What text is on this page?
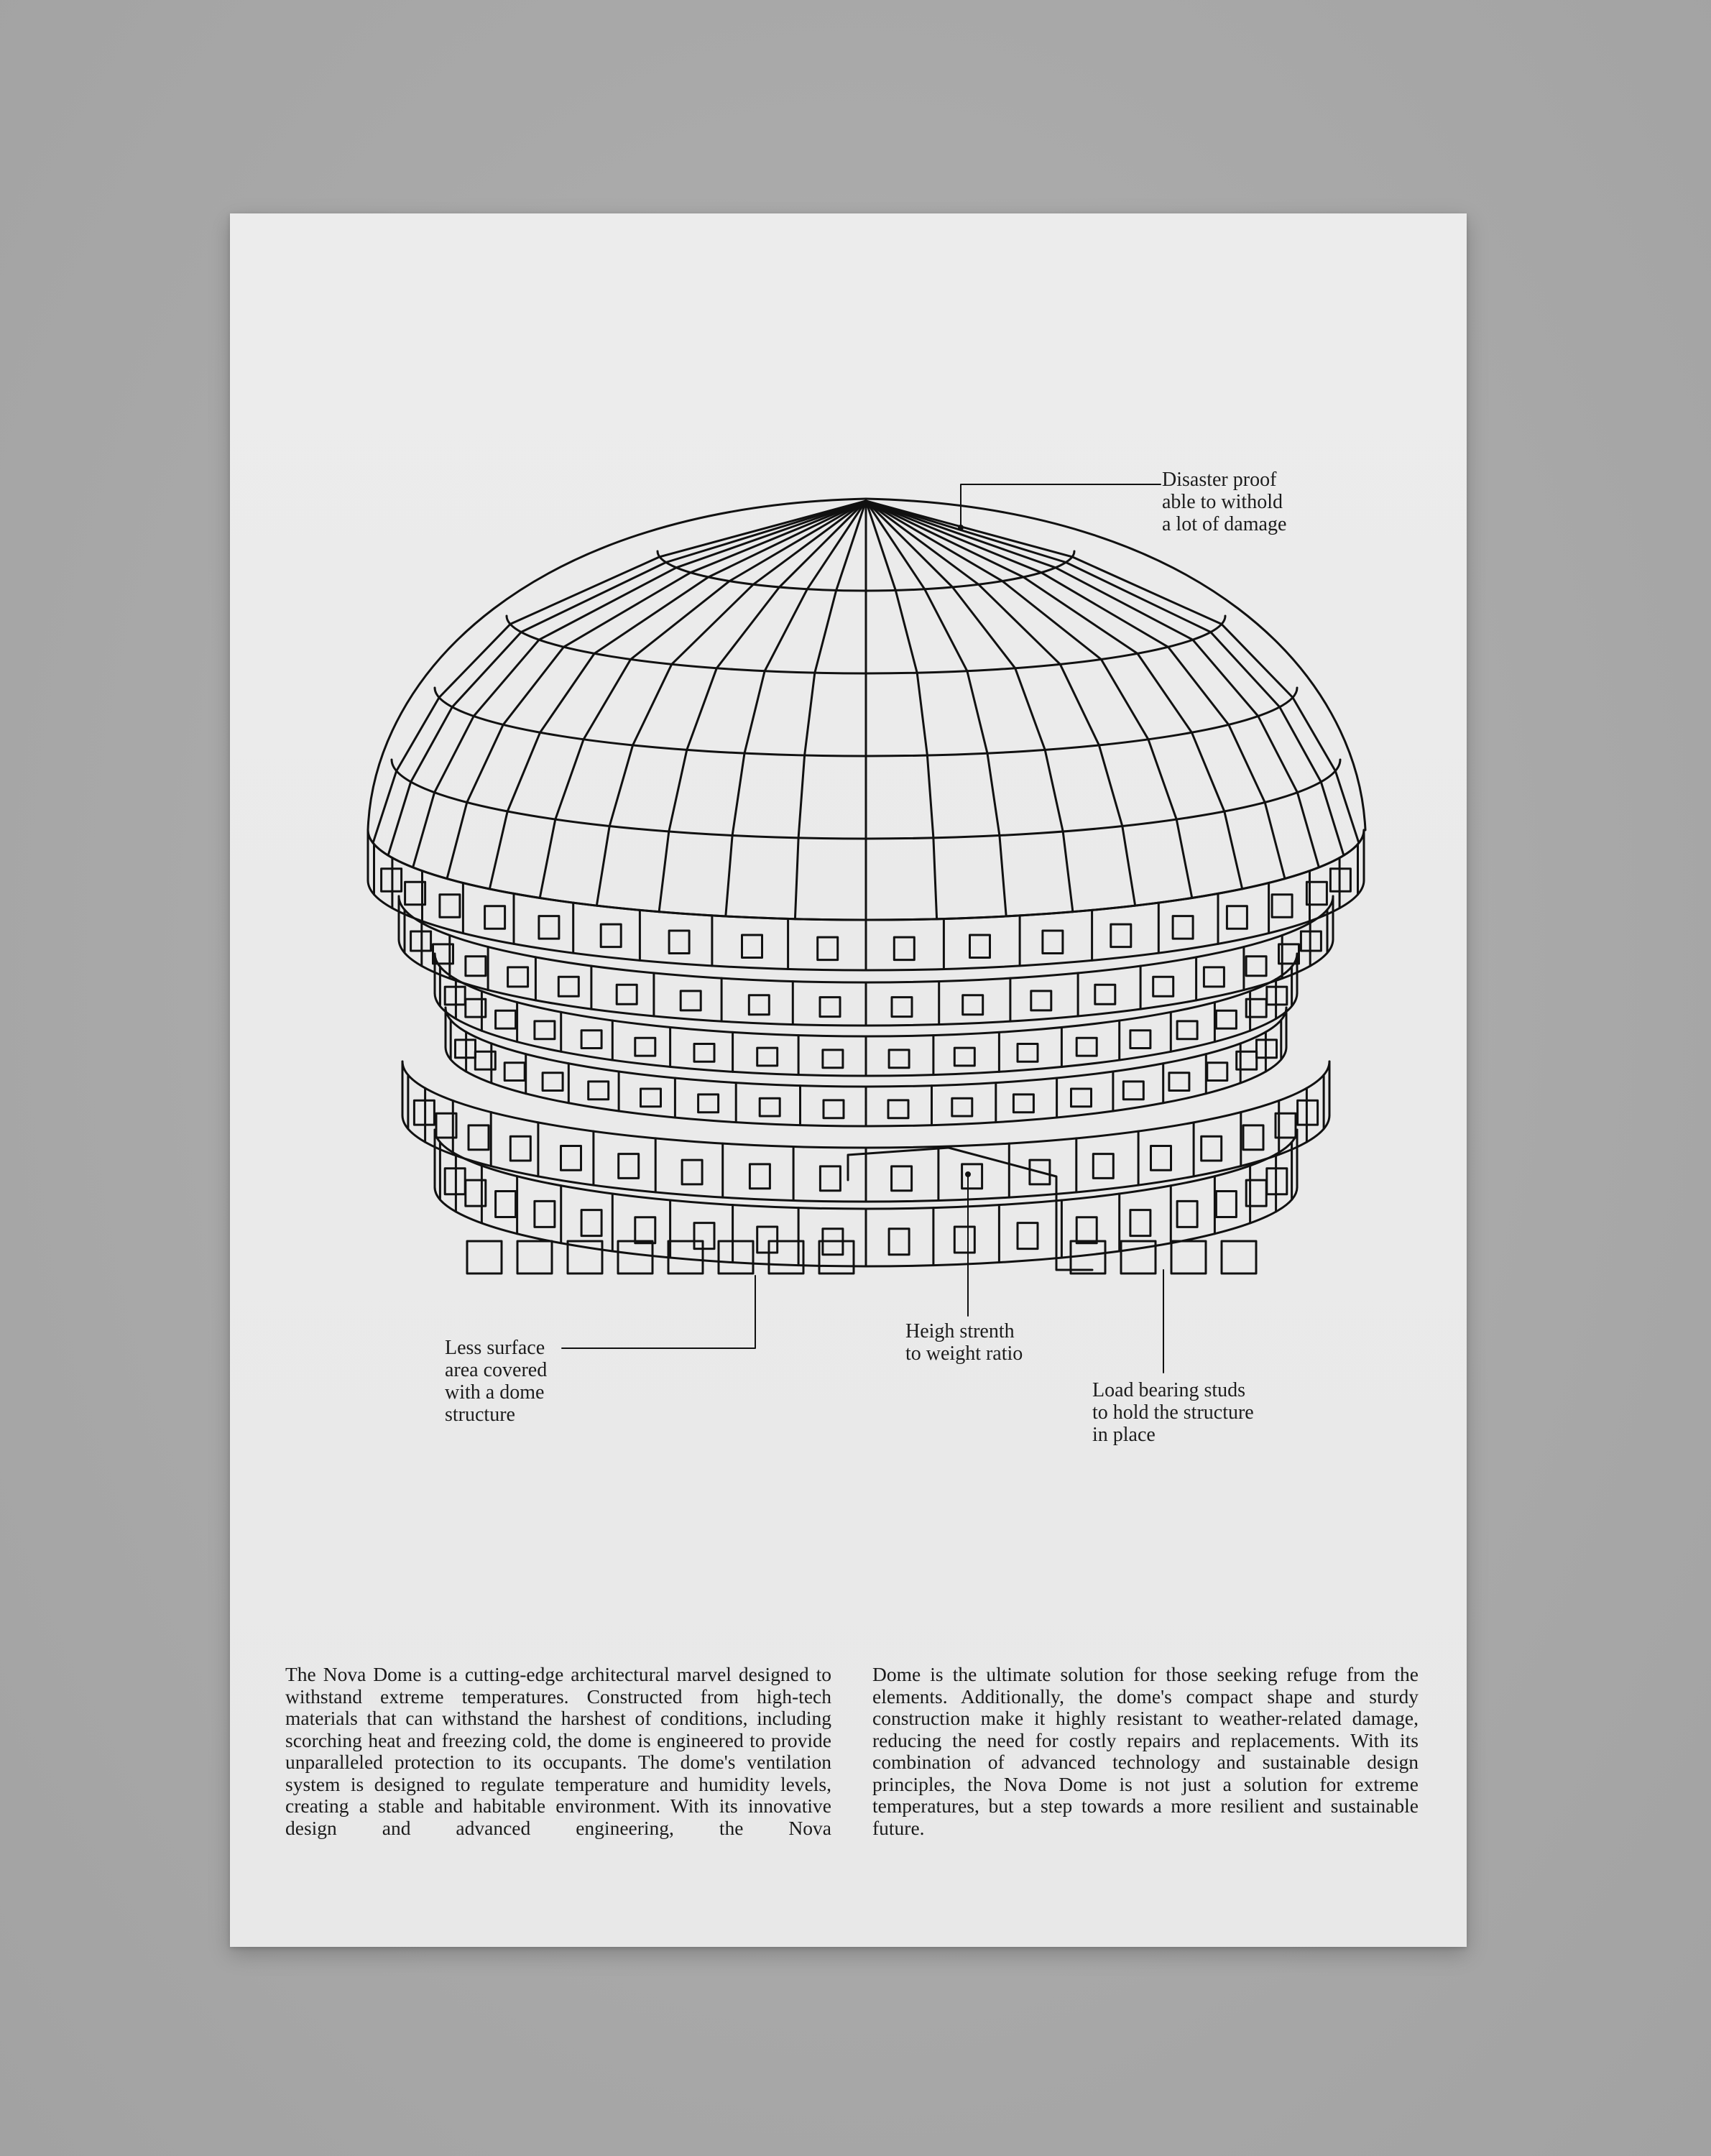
Disaster proof
able to withold
a lot of damage
Less surface
area covered
with a dome
structure
Heigh strenth
to weight ratio
Load bearing studs
to hold the structure
in place

The Nova Dome is a cutting-edge architectural marvel designed to withstand extreme temperatures. Constructed from high-tech materials that can withstand the harshest of conditions, including scorching heat and freezing cold, the dome is engineered to provide unparalleled protection to its occupants. The dome's ventilation system is designed to regulate temperature and humidity levels, creating a stable and habitable environment. With its innovative design and advanced engineering, the Nova

Dome is the ultimate solution for those seeking refuge from the elements. Additionally, the dome's compact shape and sturdy construction make it highly resistant to weather-related damage, reducing the need for costly repairs and replacements. With its combination of advanced technology and sustainable design principles, the Nova Dome is not just a solution for extreme temperatures, but a step towards a more resilient and sustainable future.
